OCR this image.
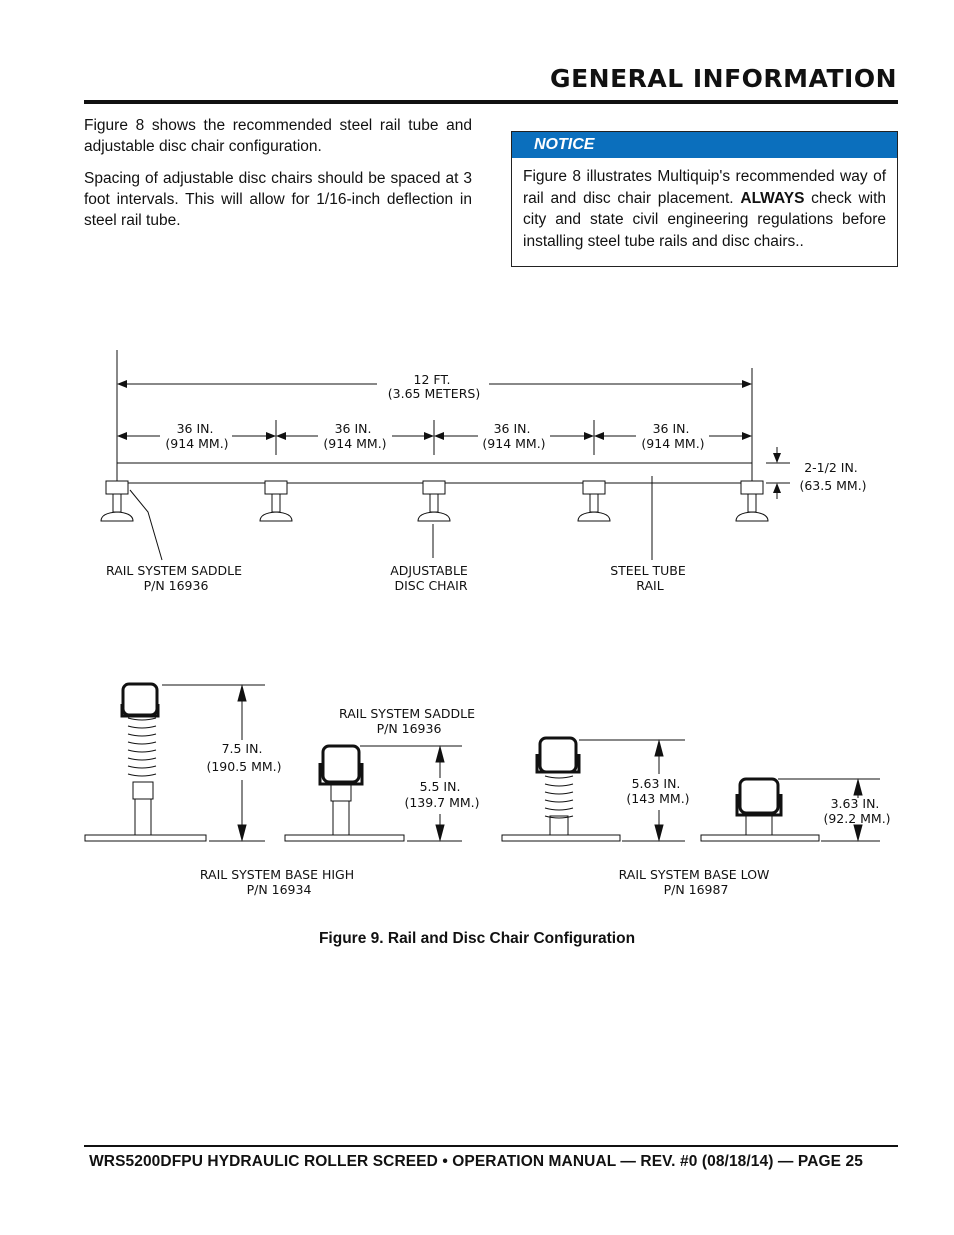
GENERAL INFORMATION

Figure 8 shows the recommended steel rail tube and adjustable disc chair configuration.

Spacing of adjustable disc chairs should be spaced at 3 foot intervals. This will allow for 1/16-inch deflection in steel rail tube.

NOTICE
Figure 8 illustrates Multiquip's recommended way of rail and disc chair placement. ALWAYS check with city and state civil engineering regulations before installing steel tube rails and disc chairs..
12 FT. (3.65 METERS)
36 IN. (914 MM.)
36 IN. (914 MM.)
36 IN. (914 MM.)
36 IN. (914 MM.)
2-1/2 IN. (63.5 MM.)
RAIL SYSTEM SADDLE P/N 16936
ADJUSTABLE DISC CHAIR
STEEL TUBE RAIL
7.5 IN. (190.5 MM.)
RAIL SYSTEM SADDLE P/N 16936
5.5 IN. (139.7 MM.)
5.63 IN. (143 MM.)	3.63 IN. (92.2 MM.)
RAIL SYSTEM BASE HIGH P/N 16934
RAIL SYSTEM BASE LOW P/N 16987
Figure 9. Rail and Disc Chair Configuration
WRS5200DFPU HYDRAULIC ROLLER SCREED • OPERATION MANUAL — REV. #0 (08/18/14) — PAGE 25
